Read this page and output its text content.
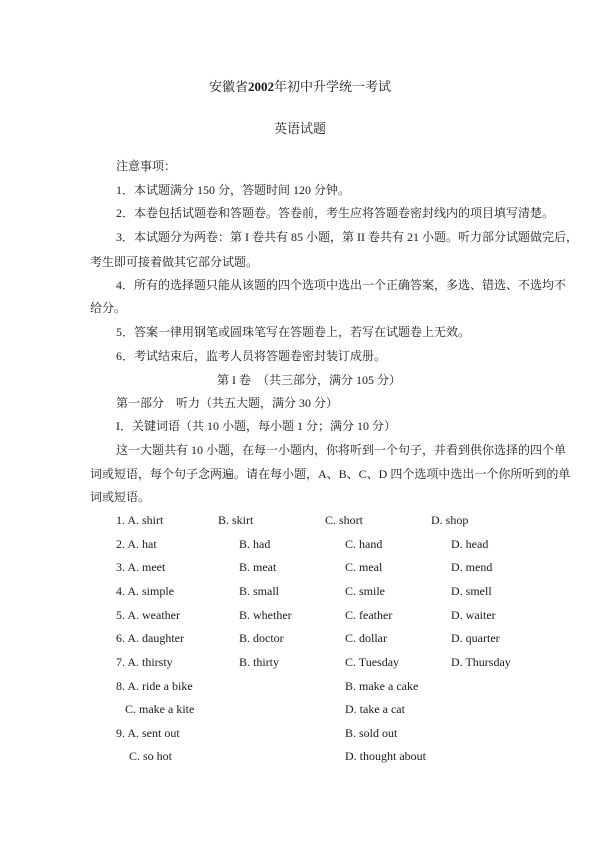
安徽省2002年初中升学统一考试
英语试题
注意事项：
1．本试题满分 150 分，答题时间 120 分钟。
2．本卷包括试题卷和答题卷。答卷前，考生应将答题卷密封线内的项目填写清楚。
3．本试题分为两卷：第 I 卷共有 85 小题，第 II 卷共有 21 小题。听力部分试题做完后，
考生即可接着做其它部分试题。
4．所有的选择题只能从该题的四个选项中选出一个正确答案，多选、错选、不选均不
给分。
5．答案一律用钢笔或圆珠笔写在答题卷上，若写在试题卷上无效。
6．考试结束后，监考人员将答题卷密封装订成册。
第 I 卷　（共三部分，满分 105 分）
第一部分　听力（共五大题，满分 30 分）
I．关键词语（共 10 小题，每小题 1 分；满分 10 分）
这一大题共有 10 小题，在每一小题内，你将听到一个句子，并看到供你选择的四个单
词或短语，每个句子念两遍。请在每小题，A、B、C、D 四个选项中选出一个你所听到的单
词或短语。
1. A. shirt	B. skirt	C. short	D. shop
2. A. hat	B. had	C. hand	D. head
3. A. meet	B. meat	C. meal	D. mend
4. A. simple	B. small	C. smile	D. smell
5. A. weather	B. whether	C. feather	D. waiter
6. A. daughter	B. doctor	C. dollar	D. quarter
7. A. thirsty	B. thirty	C. Tuesday	D. Thursday
8. A. ride a bike	B. make a cake
C. make a kite	D. take a cat
9. A. sent out	B. sold out
C. so hot	D. thought about
